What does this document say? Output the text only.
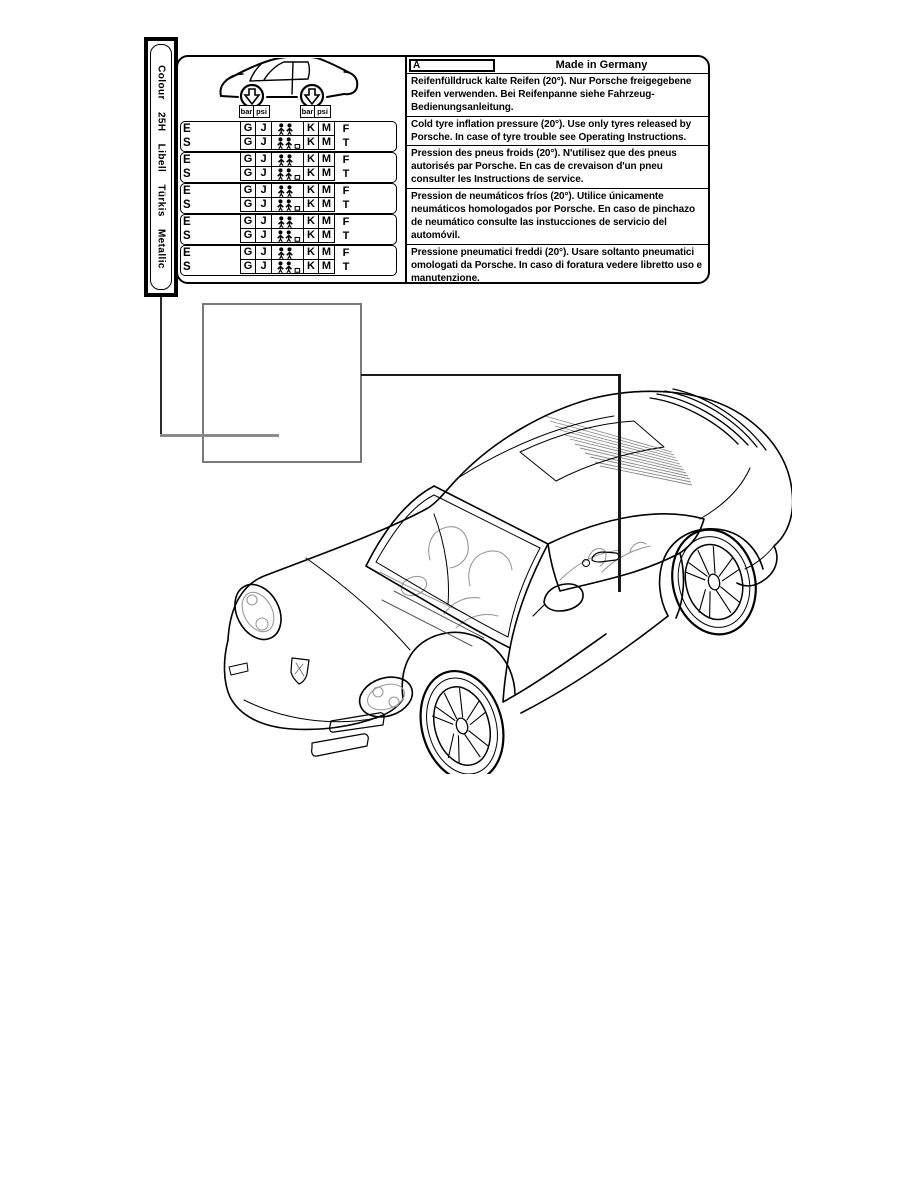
Colour 25H Libell Türkis Metallic	bar psi	bar psi
E	G J	K M	F
S	G J	K M	T
E	G J	K M	F
S	G J	K M	T
E	G J	K M	F
S	G J	K M	T
E	G J	K M	F
S	G J	K M	T
E	G J	K M	F
S	G J	K M	T
A	Made in Germany
Reifenfülldruck kalte Reifen (20°). Nur Porsche freigegebene Reifen verwenden. Bei Reifenpanne siehe Fahrzeug-Bedienungsanleitung.
Cold tyre inflation pressure (20°). Use only tyres released by Porsche. In case of tyre trouble see Operating Instructions.
Pression des pneus froids (20°). N'utilisez que des pneus autorisés par Porsche. En cas de crevaison d'un pneu consulter les Instructions de service.
Pression de neumáticos fríos (20°). Utilice únicamente neumáticos homologados por Porsche. En caso de pinchazo de neumático consulte las instucciones de servicio del automóvil.
Pressione pneumatici freddi (20°). Usare soltanto pneumatici omologati da Porsche. In caso di foratura vedere libretto uso e manutenzione.
